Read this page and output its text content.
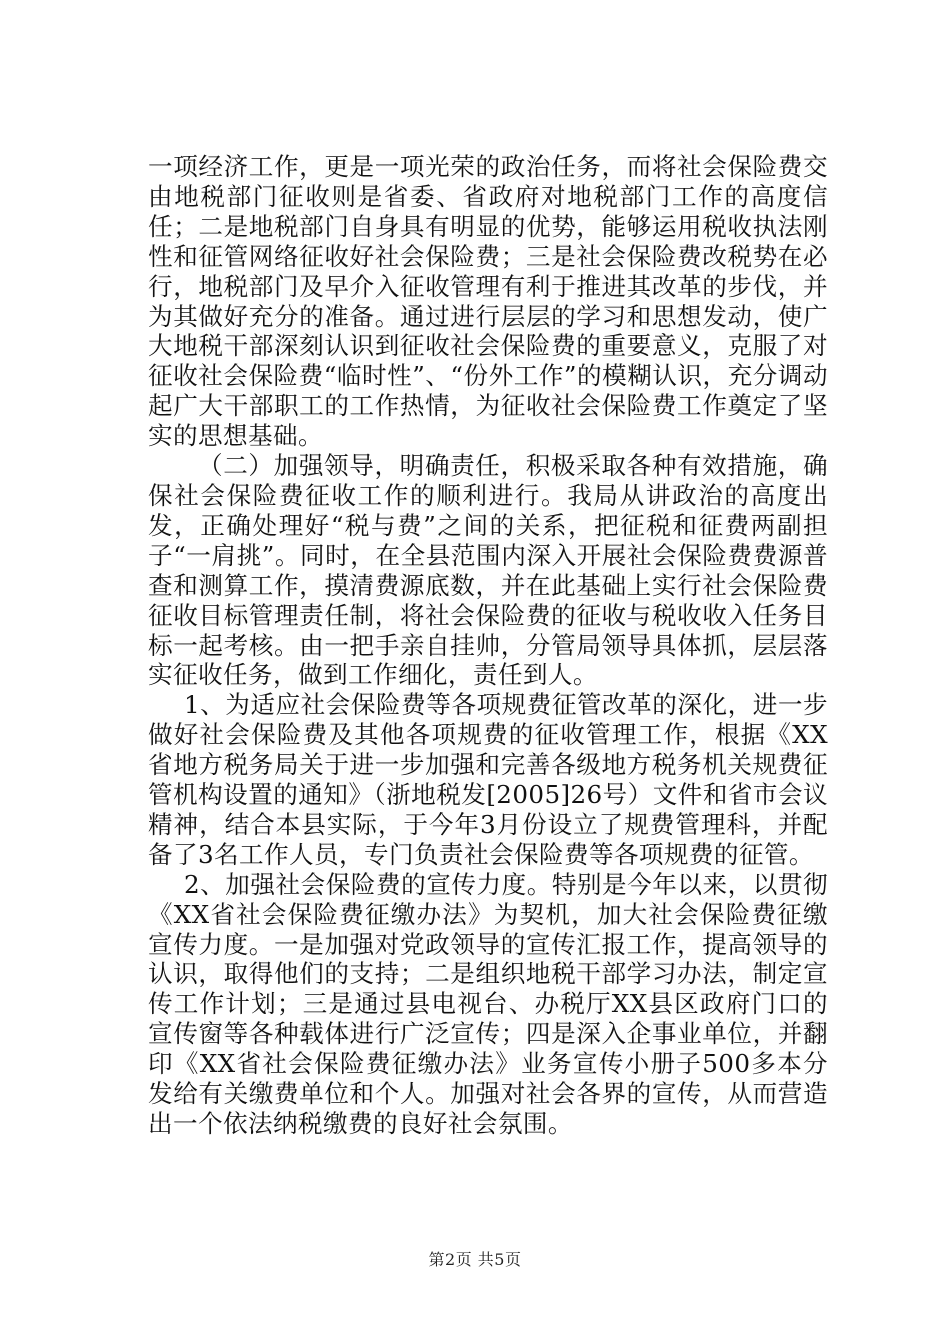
一项经济工作，更是一项光荣的政治任务，而将社会保险费交由地税部门征收则是省委、省政府对地税部门工作的高度信任；二是地税部门自身具有明显的优势，能够运用税收执法刚性和征管网络征收好社会保险费；三是社会保险费改税势在必行，地税部门及早介入征收管理有利于推进其改革的步伐，并为其做好充分的准备。通过进行层层的学习和思想发动，使广大地税干部深刻认识到征收社会保险费的重要意义，克服了对征收社会保险费“临时性”、“份外工作”的模糊认识，充分调动起广大干部职工的工作热情，为征收社会保险费工作奠定了坚实的思想基础。

（二）加强领导，明确责任，积极采取各种有效措施，确保社会保险费征收工作的顺利进行。我局从讲政治的高度出发，正确处理好“税与费”之间的关系，把征税和征费两副担子“一肩挑”。同时，在全县范围内深入开展社会保险费费源普查和测算工作，摸清费源底数，并在此基础上实行社会保险费征收目标管理责任制，将社会保险费的征收与税收收入任务目标一起考核。由一把手亲自挂帅，分管局领导具体抓，层层落实征收任务，做到工作细化，责任到人。

1、为适应社会保险费等各项规费征管改革的深化，进一步做好社会保险费及其他各项规费的征收管理工作，根据《XX省地方税务局关于进一步加强和完善各级地方税务机关规费征管机构设置的通知》（浙地税发[2005]26号）文件和省市会议精神，结合本县实际，于今年3月份设立了规费管理科，并配备了3名工作人员，专门负责社会保险费等各项规费的征管。

2、加强社会保险费的宣传力度。特别是今年以来，以贯彻《XX省社会保险费征缴办法》为契机，加大社会保险费征缴宣传力度。一是加强对党政领导的宣传汇报工作，提高领导的认识，取得他们的支持；二是组织地税干部学习办法，制定宣传工作计划；三是通过县电视台、办税厅XX县区政府门口的宣传窗等各种载体进行广泛宣传；四是深入企事业单位，并翻印《XX省社会保险费征缴办法》业务宣传小册子500多本分发给有关缴费单位和个人。加强对社会各界的宣传，从而营造出一个依法纳税缴费的良好社会氛围。

第2页 共5页
